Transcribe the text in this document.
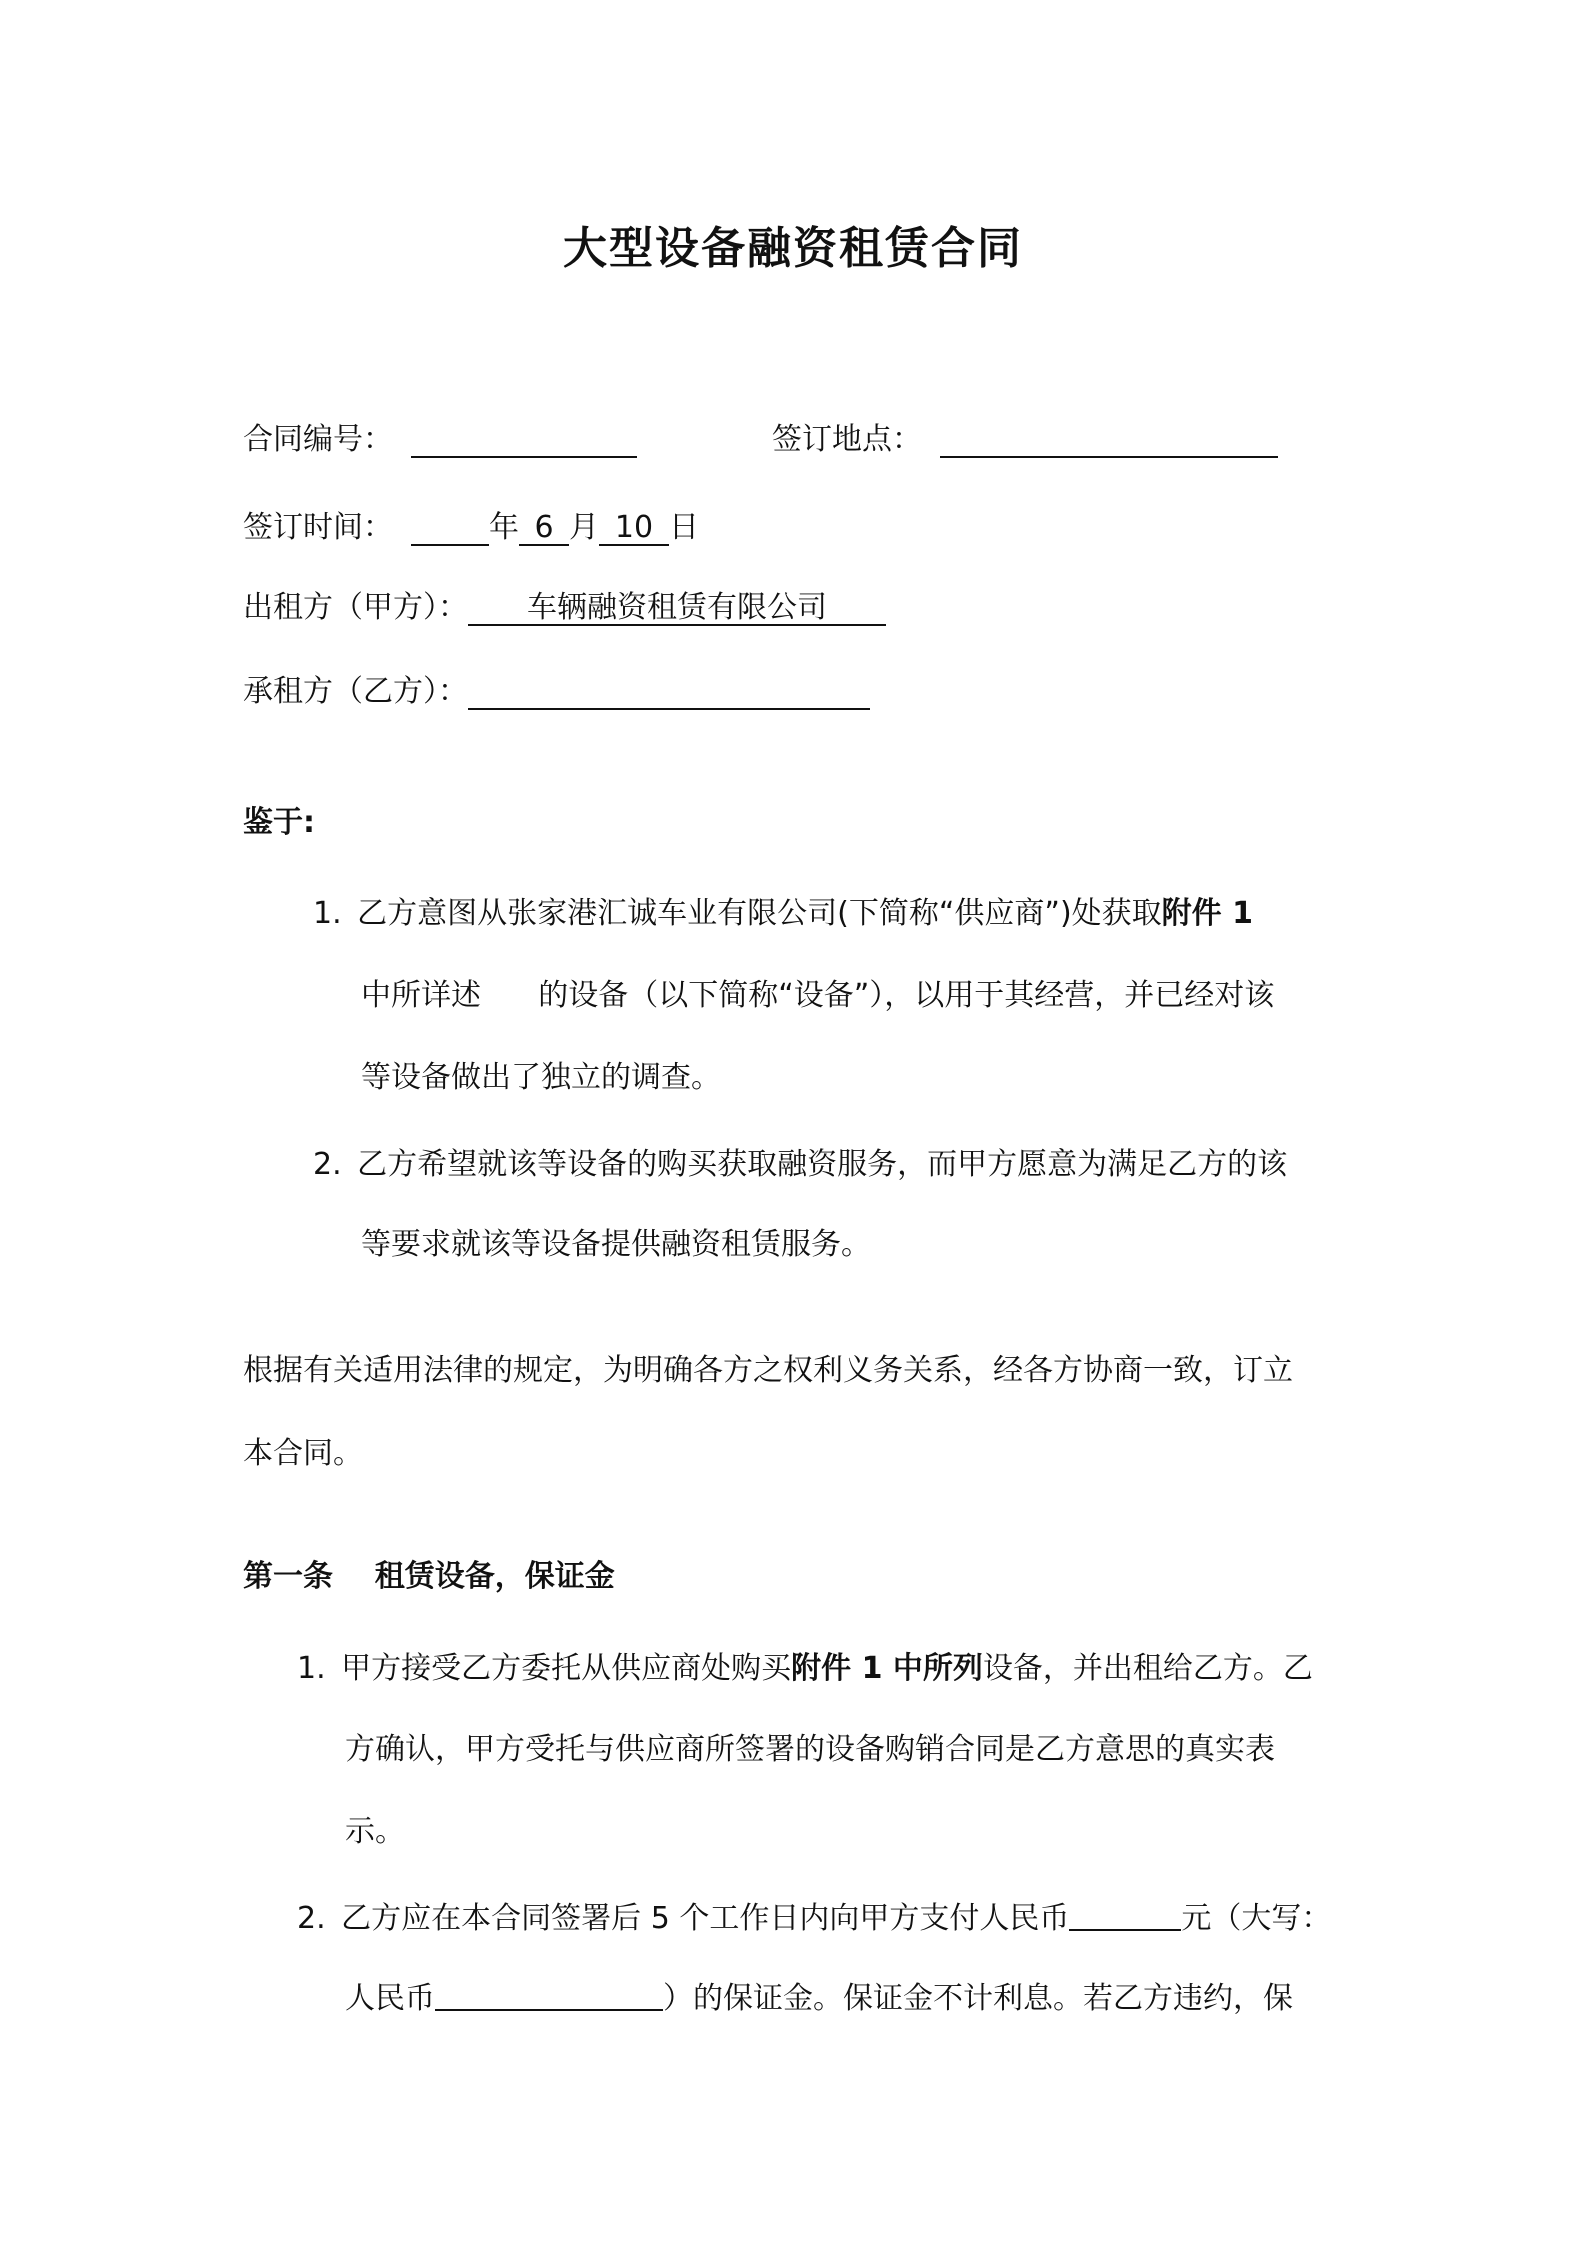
大型设备融资租赁合同
合同编号：	签订地点：
签订时间：	年 6 月 10 日
出租方（甲方）： 车辆融资租赁有限公司
承租方（乙方）：
鉴于:
1. 乙方意图从张家港汇诚车业有限公司(下简称“供应商”)处获取附件 1
中所详述      的设备（以下简称“设备”），以用于其经营，并已经对该
等设备做出了独立的调查。
2. 乙方希望就该等设备的购买获取融资服务，而甲方愿意为满足乙方的该
等要求就该等设备提供融资租赁服务。
根据有关适用法律的规定，为明确各方之权利义务关系，经各方协商一致，订立
本合同。
第一条    租赁设备，保证金
1. 甲方接受乙方委托从供应商处购买附件 1 中所列设备，并出租给乙方。乙
方确认，甲方受托与供应商所签署的设备购销合同是乙方意思的真实表
示。
2. 乙方应在本合同签署后 5 个工作日内向甲方支付人民币	元（大写：
人民币	）的保证金。保证金不计利息。若乙方违约，保
